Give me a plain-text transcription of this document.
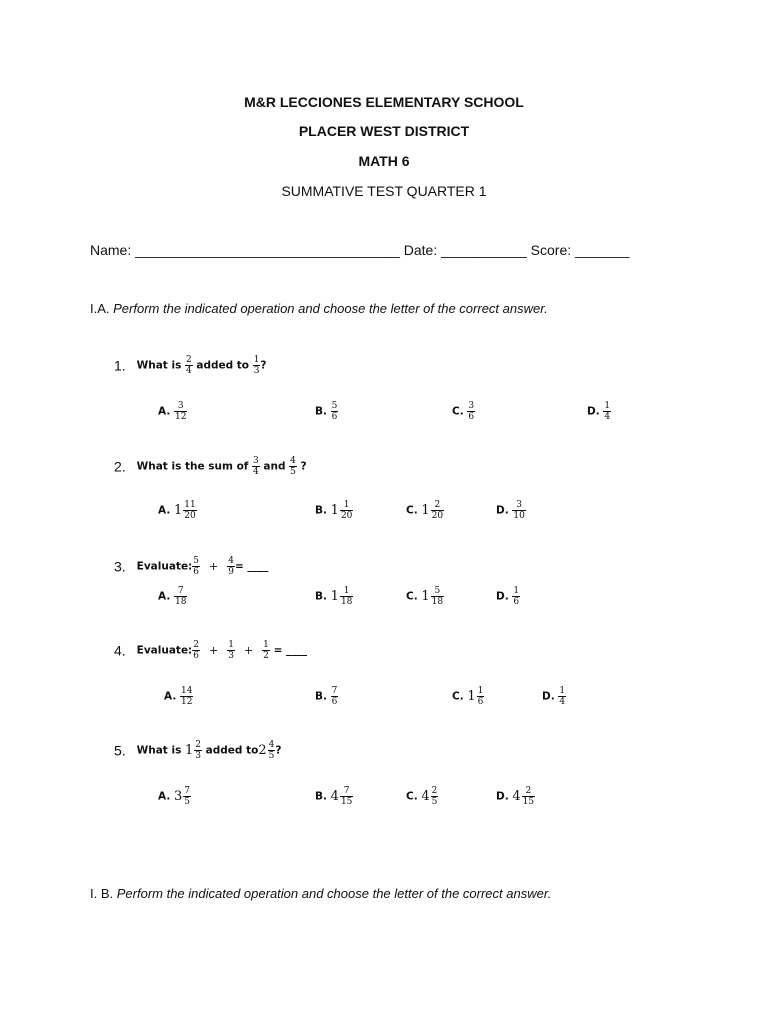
M&R LECCIONES ELEMENTARY SCHOOL
PLACER WEST DISTRICT
MATH 6
SUMMATIVE TEST QUARTER 1
Name: __________________________________ Date: ___________ Score: _______
I.A. Perform the indicated operation and choose the letter of the correct answer.
1. What is $\frac{2}{4}$ added to $\frac{1}{3}$ ?
A. $\frac{3}{12}$	B. $\frac{5}{6}$	C. $\frac{3}{6}$	D. $\frac{1}{4}$
2. What is the sum of $\frac{3}{4}$ and $\frac{4}{5}$ ?
A. $1 \frac{11}{20}$	B. $1 \frac{1}{20}$	C. $1 \frac{2}{20}$	D. $\frac{3}{10}$
3. Evaluate: $\frac{5}{6} + \frac{4}{9}$ = ____
A. $\frac{7}{18}$	B. $1 \frac{1}{18}$	C. $1 \frac{5}{18}$	D. $\frac{1}{6}$
4. Evaluate: $\frac{2}{6} + \frac{1}{3} + \frac{1}{2}$ = ____
A. $\frac{14}{12}$	B. $\frac{7}{6}$	C. $1 \frac{1}{6}$	D. $\frac{1}{4}$
5. What is $1 \frac{2}{3}$ added $to2 \frac{4}{5}$ ?
A. $3 \frac{7}{5}$	B. $4 \frac{7}{15}$	C. $4 \frac{2}{5}$	D. $4 \frac{2}{15}$
I. B. Perform the indicated operation and choose the letter of the correct answer.
